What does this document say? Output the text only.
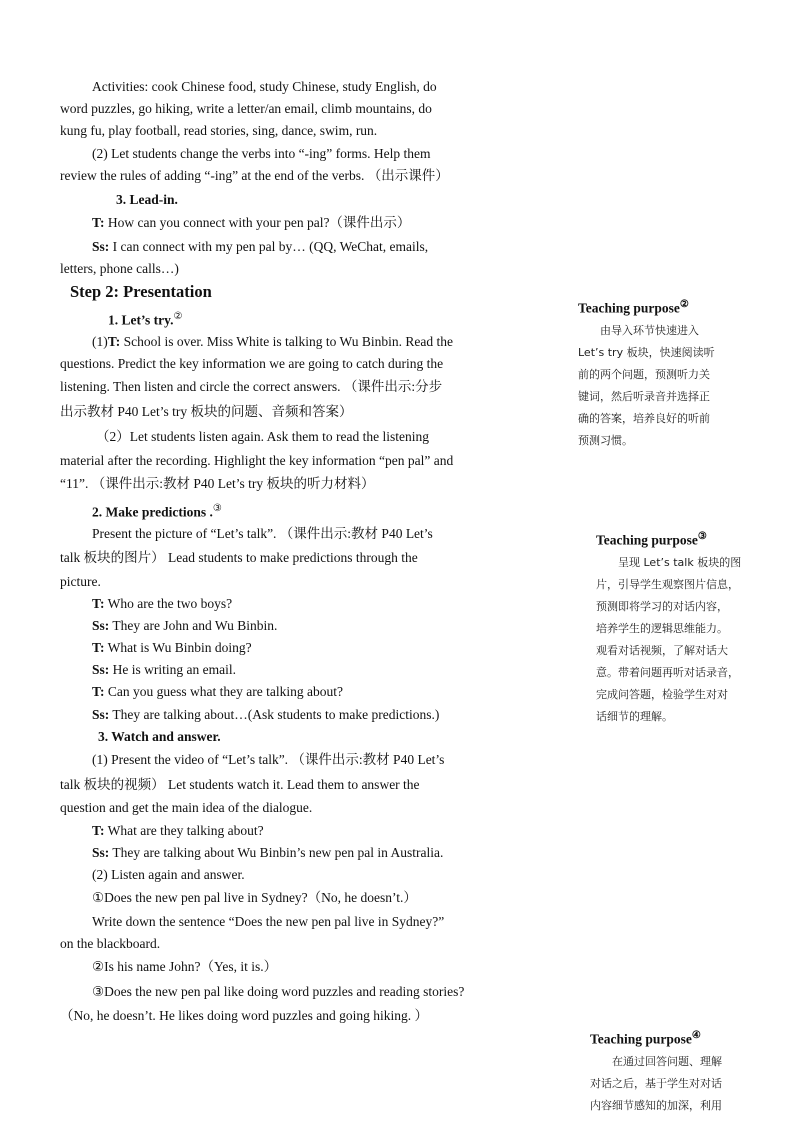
Activities: cook Chinese food, study Chinese, study English, do
word puzzles, go hiking, write a letter/an email, climb mountains, do
kung fu, play football, read stories, sing, dance, swim, run.
(2) Let students change the verbs into “-ing” forms. Help them
review the rules of adding “-ing” at the end of the verbs. （出示课件）
3. Lead-in.
T: How can you connect with your pen pal?（课件出示）
Ss: I can connect with my pen pal by… (QQ, WeChat, emails,
letters, phone calls…)
Step 2: Presentation
1. Let’s try.②
(1)T: School is over. Miss White is talking to Wu Binbin. Read the
questions. Predict the key information we are going to catch during the
listening. Then listen and circle the correct answers. （课件出示:分步
出示教材 P40 Let’s try 板块的问题、音频和答案）
（2）Let students listen again. Ask them to read the listening
material after the recording. Highlight the key information “pen pal” and
“11”. （课件出示:教材 P40 Let’s try 板块的听力材料）
2. Make predictions .③
Present the picture of “Let’s talk”. （课件出示:教材 P40 Let’s
talk 板块的图片） Lead students to make predictions through the
picture.
T: Who are the two boys?
Ss: They are John and Wu Binbin.
T: What is Wu Binbin doing?
Ss: He is writing an email.
T: Can you guess what they are talking about?
Ss: They are talking about…(Ask students to make predictions.)
3. Watch and answer.
(1) Present the video of “Let’s talk”. （课件出示:教材 P40 Let’s
talk 板块的视频） Let students watch it. Lead them to answer the
question and get the main idea of the dialogue.
T: What are they talking about?
Ss: They are talking about Wu Binbin’s new pen pal in Australia.
(2) Listen again and answer.
①Does the new pen pal live in Sydney?（No, he doesn’t.）
Write down the sentence “Does the new pen pal live in Sydney?”
on the blackboard.
②Is his name John?（Yes, it is.）
③Does the new pen pal like doing word puzzles and reading stories?
（No, he doesn’t. He likes doing word puzzles and going hiking. ）
Teaching purpose②
　　由导入环节快速进入
Let’s try 板块，快速阅读听
前的两个问题，预测听力关
键词，然后听录音并选择正
确的答案，培养良好的听前
预测习惯。
Teaching purpose③
　　呈现 Let’s talk 板块的图
片，引导学生观察图片信息，
预测即将学习的对话内容，
培养学生的逻辑思维能力。
观看对话视频，了解对话大
意。带着问题再听对话录音，
完成问答题，检验学生对对
话细节的理解。
Teaching purpose④
　　在通过回答问题、理解
对话之后，基于学生对对话
内容细节感知的加深，利用
